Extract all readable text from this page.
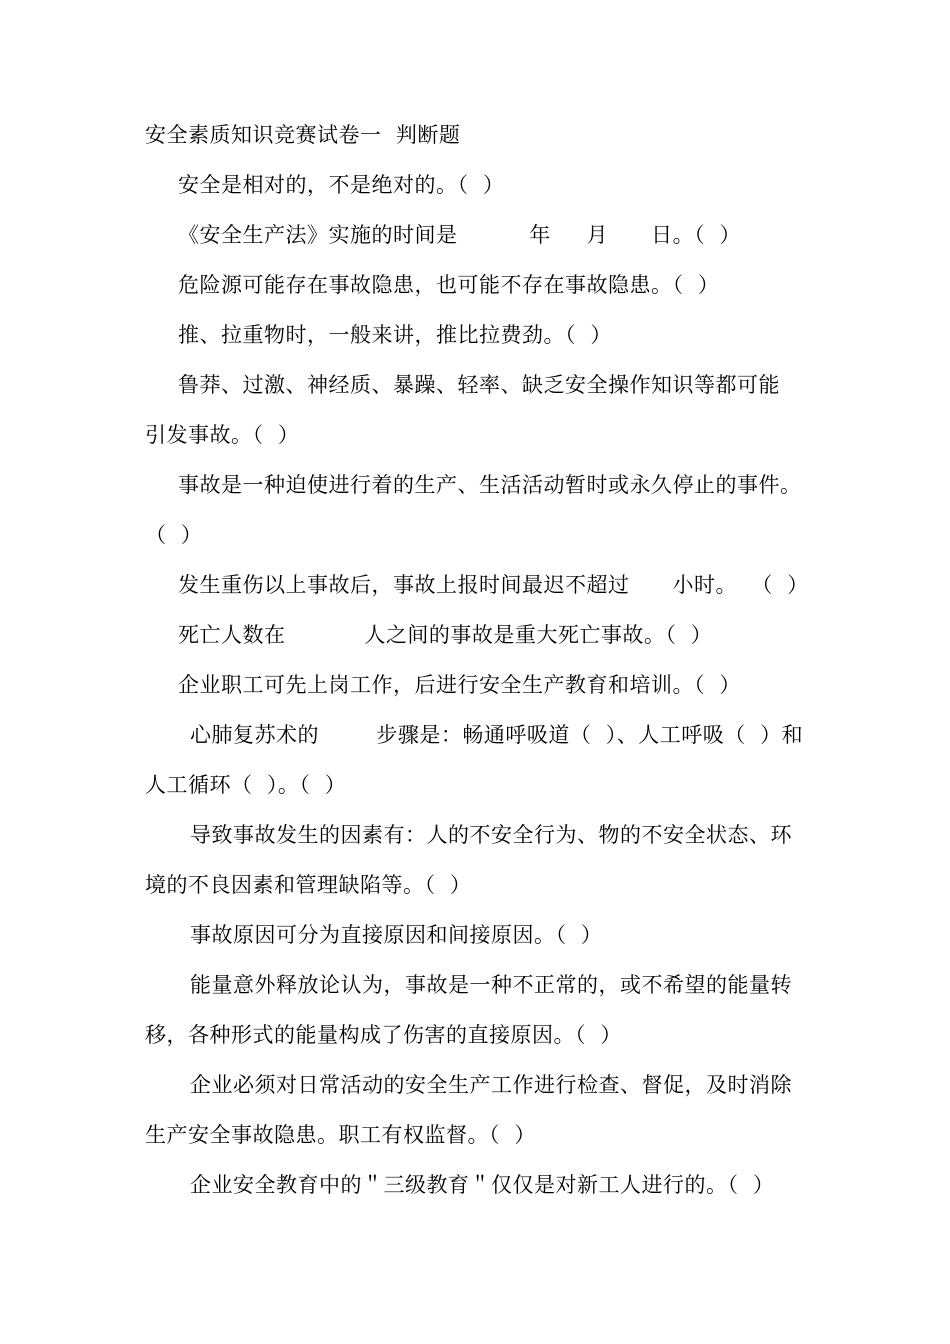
安全素质知识竞赛试卷一  判断题
安全是相对的，不是绝对的。（  ）
《安全生产法》实施的时间是          年     月      日。（  ）
危险源可能存在事故隐患，也可能不存在事故隐患。（  ）
推、拉重物时，一般来讲，推比拉费劲。（  ）
鲁莽、过激、神经质、暴躁、轻率、缺乏安全操作知识等都可能
引发事故。（  ）
事故是一种迫使进行着的生产、生活活动暂时或永久停止的事件。
（  ）
发生重伤以上事故后，事故上报时间最迟不超过      小时。  （  ）
死亡人数在           人之间的事故是重大死亡事故。（  ）
企业职工可先上岗工作，后进行安全生产教育和培训。（  ）
心肺复苏术的        步骤是：畅通呼吸道（  ）、人工呼吸（  ）和
人工循环（  ）。（  ）
导致事故发生的因素有：人的不安全行为、物的不安全状态、环
境的不良因素和管理缺陷等。（  ）
事故原因可分为直接原因和间接原因。（  ）
能量意外释放论认为，事故是一种不正常的，或不希望的能量转
移，各种形式的能量构成了伤害的直接原因。（  ）
企业必须对日常活动的安全生产工作进行检查、督促，及时消除
生产安全事故隐患。职工有权监督。（  ）
企业安全教育中的＂三级教育＂仅仅是对新工人进行的。（  ）
